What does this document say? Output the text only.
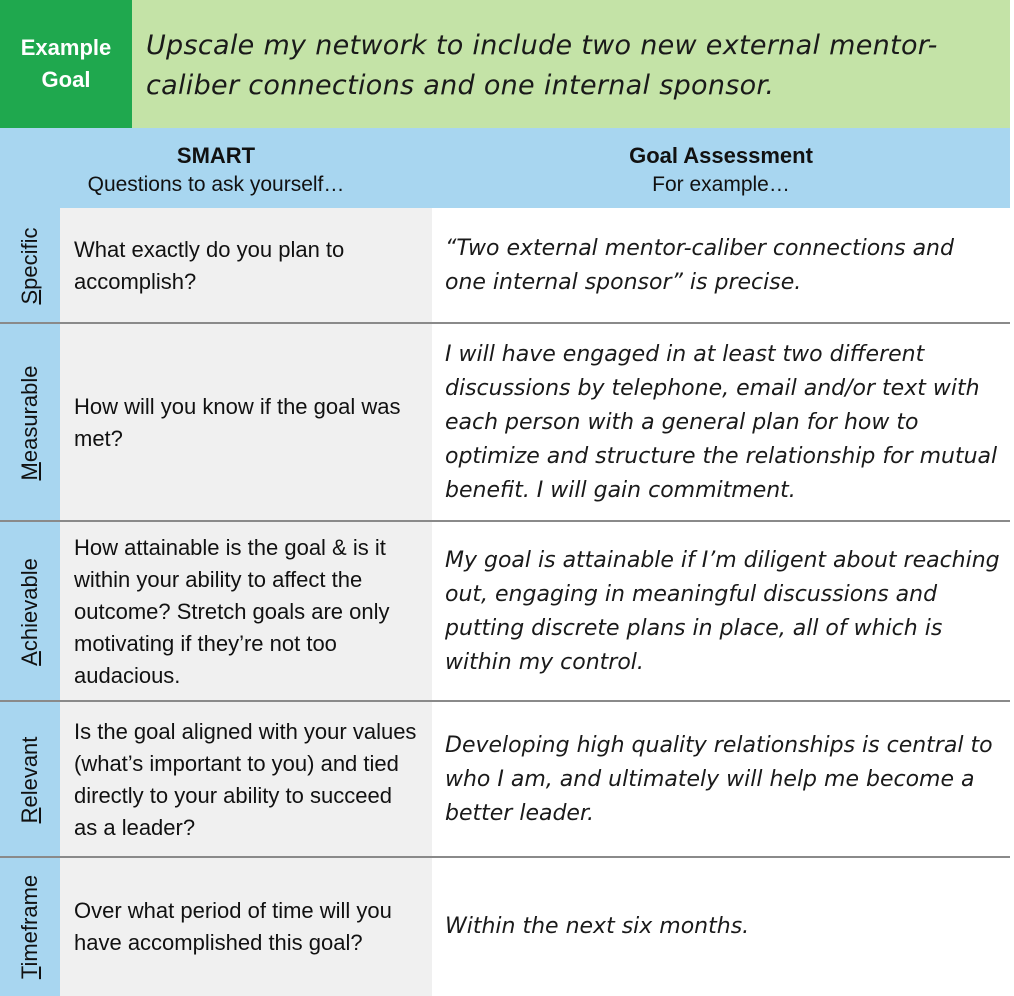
Example
Goal
Upscale my network to include two new external mentor-caliber connections and one internal sponsor.
SMART
Questions to ask yourself…
Goal Assessment
For example…
Specific What exactly do you plan to accomplish?
“Two external mentor-caliber connections and one internal sponsor” is precise.
Measurable How will you know if the goal was met?
I will have engaged in at least two different discussions by telephone, email and/or text with each person with a general plan for how to optimize and structure the relationship for mutual benefit. I will gain commitment.
Achievable
How attainable is the goal & is it within your ability to affect the outcome? Stretch goals are only motivating if they’re not too audacious.
My goal is attainable if I’m diligent about reaching out, engaging in meaningful discussions and putting discrete plans in place, all of which is within my control.
Relevant
Is the goal aligned with your values (what’s important to you) and tied directly to your ability to succeed as a leader?
Developing high quality relationships is central to who I am, and ultimately will help me become a better leader.
Timeframe Over what period of time will you have accomplished this goal?
Within the next six months.
